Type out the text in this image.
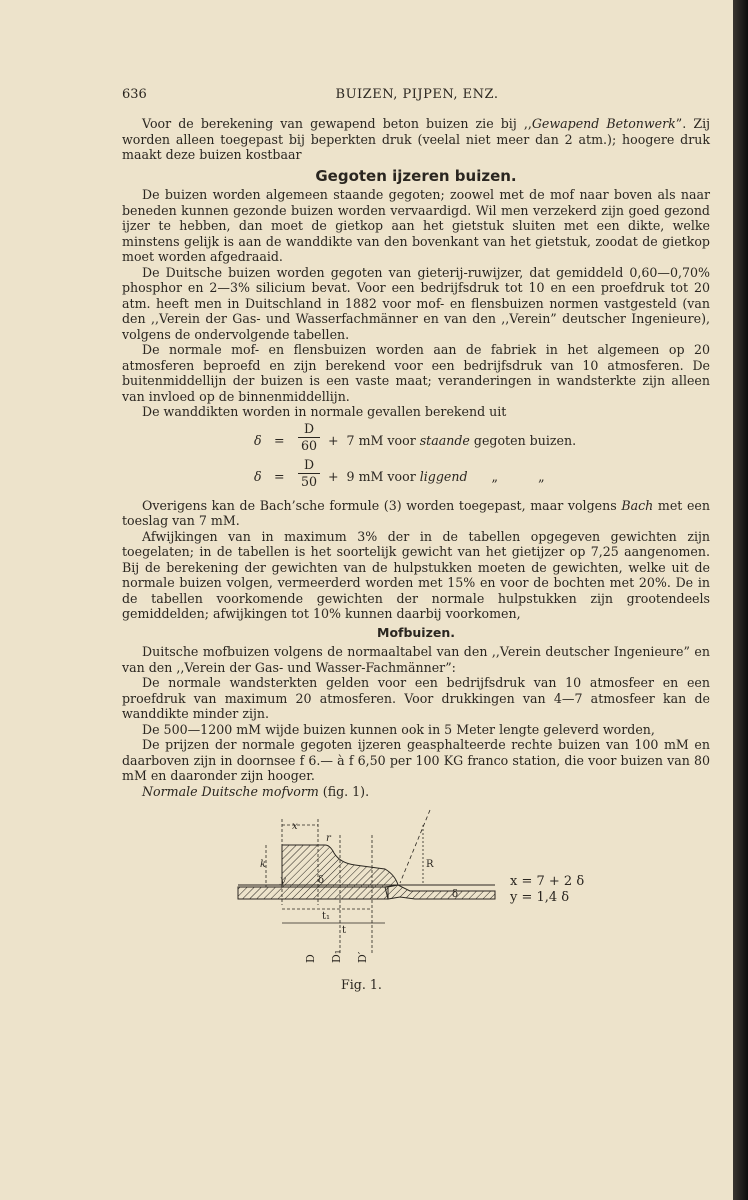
636	BUIZEN, PIJPEN, ENZ.

Voor de berekening van gewapend beton buizen zie bij ,,Gewapend Betonwerk”. Zij worden alleen toegepast bij beperkten druk (veelal niet meer dan 2 atm.); hoogere druk maakt deze buizen kostbaar

Gegoten ijzeren buizen.

De buizen worden algemeen staande gegoten; zoowel met de mof naar boven als naar beneden kunnen gezonde buizen worden vervaardigd. Wil men verzekerd zijn goed gezond ijzer te hebben, dan moet de gietkop aan het gietstuk sluiten met een dikte, welke minstens gelijk is aan de wanddikte van den bovenkant van het gietstuk, zoodat de gietkop moet worden afgedraaid.

De Duitsche buizen worden gegoten van gieterij-ruwijzer, dat gemiddeld 0,60—0,70% phosphor en 2—3% silicium bevat. Voor een bedrijfsdruk tot 10 en een proefdruk tot 20 atm. heeft men in Duitschland in 1882 voor mof- en flensbuizen normen vastgesteld (van den ,,Verein der Gas- und Wasserfachmänner en van den ,,Verein” deutscher Ingenieure), volgens de ondervolgende tabellen.

De normale mof- en flensbuizen worden aan de fabriek in het algemeen op 20 atmosferen beproefd en zijn berekend voor een bedrijfsdruk van 10 atmosferen. De buitenmiddellijn der buizen is een vaste maat; veranderingen in wandsterkte zijn alleen van invloed op de binnenmiddellijn.

De wanddikten worden in normale gevallen berekend uit

$\delta = \frac{D}{60} + 7$ mM voor staande gegoten buizen.
$\delta = \frac{D}{50} + 9$ mM voor liggend      „          „

Overigens kan de Bach’sche formule (3) worden toegepast, maar volgens Bach met een toeslag van 7 mM.

Afwijkingen van in maximum 3% der in de tabellen opgegeven gewichten zijn toegelaten; in de tabellen is het soortelijk gewicht van het gietijzer op 7,25 aangenomen. Bij de berekening der gewichten van de hulpstukken moeten de gewichten, welke uit de normale buizen volgen, vermeerderd worden met 15% en voor de bochten met 20%. De in de tabellen voorkomende gewichten der normale hulpstukken zijn grootendeels gemiddelden; afwijkingen tot 10% kunnen daarbij voorkomen,

Mofbuizen.

Duitsche mofbuizen volgens de normaaltabel van den ,,Verein deutscher Ingenieure” en van den ,,Verein der Gas- und Wasser-Fachmänner”:

De normale wandsterkten gelden voor een bedrijfsdruk van 10 atmosfeer en een proefdruk van maximum 20 atmosferen. Voor drukkingen van 4—7 atmosfeer kan de wanddikte minder zijn.

De 500—1200 mM wijde buizen kunnen ook in 5 Meter lengte geleverd worden,

De prijzen der normale gegoten ijzeren geasphalteerde rechte buizen van 100 mM en daarboven zijn in doornsee f 6.— à f 6,50 per 100 KG franco station, die voor buizen van 80 mM en daaronder zijn hooger.

Normale Duitsche mofvorm (fig. 1).

x
r
k
y
R
δ
δ
t₁
t
D D₁ D′
x = 7 + 2 δ
y = 1,4 δ
Fig. 1.
